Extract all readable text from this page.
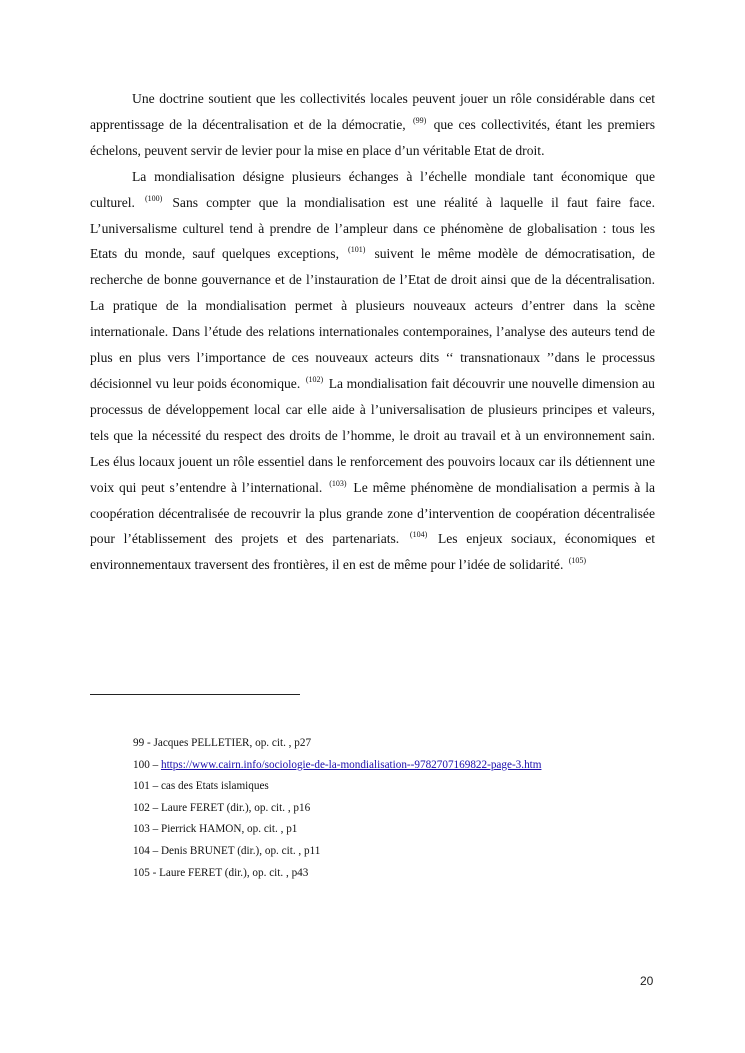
Une doctrine soutient que les collectivités locales peuvent jouer un rôle considérable dans cet apprentissage de la décentralisation et de la démocratie, $^{(99)}$ que ces collectivités, étant les premiers échelons, peuvent servir de levier pour la mise en place d’un véritable Etat de droit.

La mondialisation désigne plusieurs échanges à l’échelle mondiale tant économique que culturel. $^{(100)}$ Sans compter que la mondialisation est une réalité à laquelle il faut faire face. L’universalisme culturel tend à prendre de l’ampleur dans ce phénomène de globalisation : tous les Etats du monde, sauf quelques exceptions, $^{(101)}$ suivent le même modèle de démocratisation, de recherche de bonne gouvernance et de l’instauration de l’Etat de droit ainsi que de la décentralisation. La pratique de la mondialisation permet à plusieurs nouveaux acteurs d’entrer dans la scène internationale. Dans l’étude des relations internationales contemporaines, l’analyse des auteurs tend de plus en plus vers l’importance de ces nouveaux acteurs dits ‘‘ transnationaux ’’dans le processus décisionnel vu leur poids économique. $^{(102)}$ La mondialisation fait découvrir une nouvelle dimension au processus de développement local car elle aide à l’universalisation de plusieurs principes et valeurs, tels que la nécessité du respect des droits de l’homme, le droit au travail et à un environnement sain. Les élus locaux jouent un rôle essentiel dans le renforcement des pouvoirs locaux car ils détiennent une voix qui peut s’entendre à l’international. $^{(103)}$ Le même phénomène de mondialisation a permis à la coopération décentralisée de recouvrir la plus grande zone d’intervention de coopération décentralisée pour l’établissement des projets et des partenariats. $^{(104)}$ Les enjeux sociaux, économiques et environnementaux traversent des frontières, il en est de même pour l’idée de solidarité. $^{(105)}$

99 - Jacques PELLETIER, op. cit. , p27
100 – https://www.cairn.info/sociologie-de-la-mondialisation--9782707169822-page-3.htm
101 – cas des Etats islamiques
102 – Laure FERET (dir.), op. cit. , p16
103 – Pierrick HAMON, op. cit. , p1
104 – Denis BRUNET (dir.), op. cit. , p11
105 - Laure FERET (dir.), op. cit. , p43
20
